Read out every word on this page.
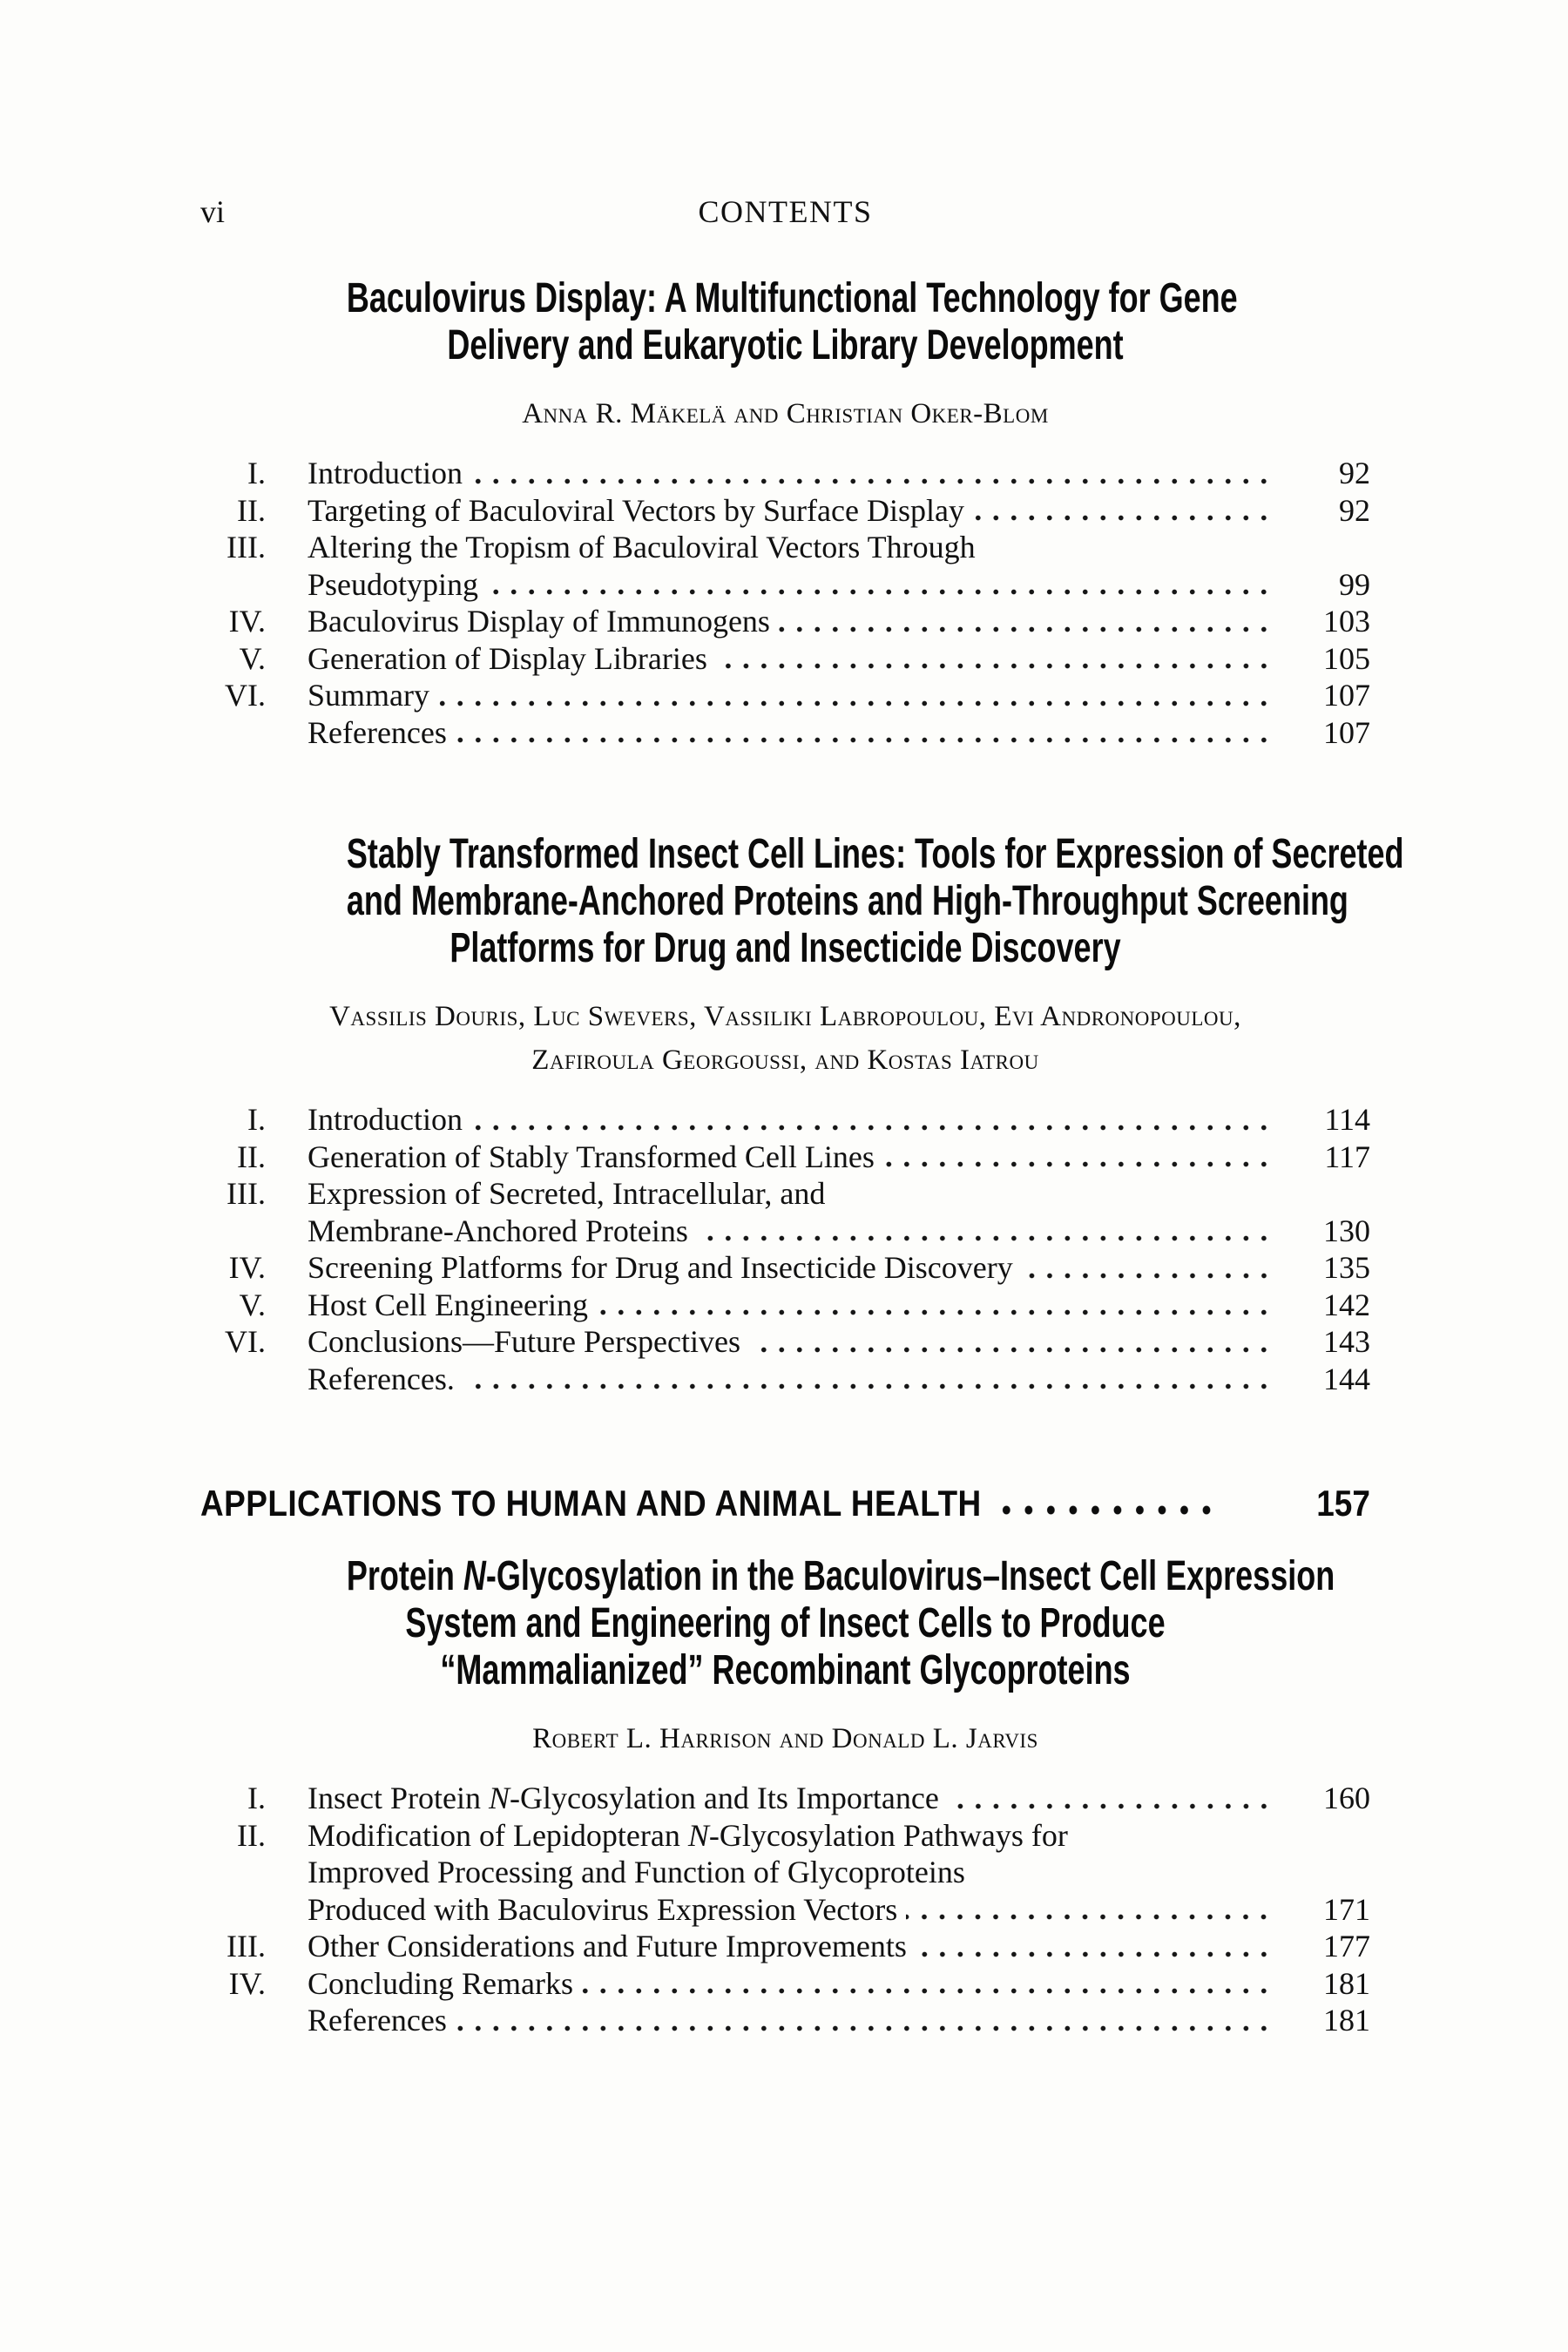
vi	CONTENTS
Baculovirus Display: A Multifunctional Technology for Gene
Delivery and Eukaryotic Library Development
Anna R. Mäkelä and Christian Oker-Blom
I. Introduction	92
II. Targeting of Baculoviral Vectors by Surface Display	92
III. Altering the Tropism of Baculoviral Vectors Through
Pseudotyping	99
IV. Baculovirus Display of Immunogens	103
V. Generation of Display Libraries	105
VI. Summary	107
References	107
Stably Transformed Insect Cell Lines: Tools for Expression of Secreted
and Membrane-Anchored Proteins and High-Throughput Screening
Platforms for Drug and Insecticide Discovery
Vassilis Douris, Luc Swevers, Vassiliki Labropoulou, Evi Andronopoulou,
Zafiroula Georgoussi, and Kostas Iatrou
I. Introduction	114
II. Generation of Stably Transformed Cell Lines	117
III. Expression of Secreted, Intracellular, and
Membrane-Anchored Proteins	130
IV. Screening Platforms for Drug and Insecticide Discovery	135
V. Host Cell Engineering	142
VI. Conclusions—Future Perspectives	143
References.	144
APPLICATIONS TO HUMAN AND ANIMAL HEALTH	157
Protein N-Glycosylation in the Baculovirus–Insect Cell Expression
System and Engineering of Insect Cells to Produce
“Mammalianized” Recombinant Glycoproteins
Robert L. Harrison and Donald L. Jarvis
I. Insect Protein N-Glycosylation and Its Importance	160
II. Modification of Lepidopteran N-Glycosylation Pathways for
Improved Processing and Function of Glycoproteins
Produced with Baculovirus Expression Vectors	171
III. Other Considerations and Future Improvements	177
IV. Concluding Remarks	181
References	181
